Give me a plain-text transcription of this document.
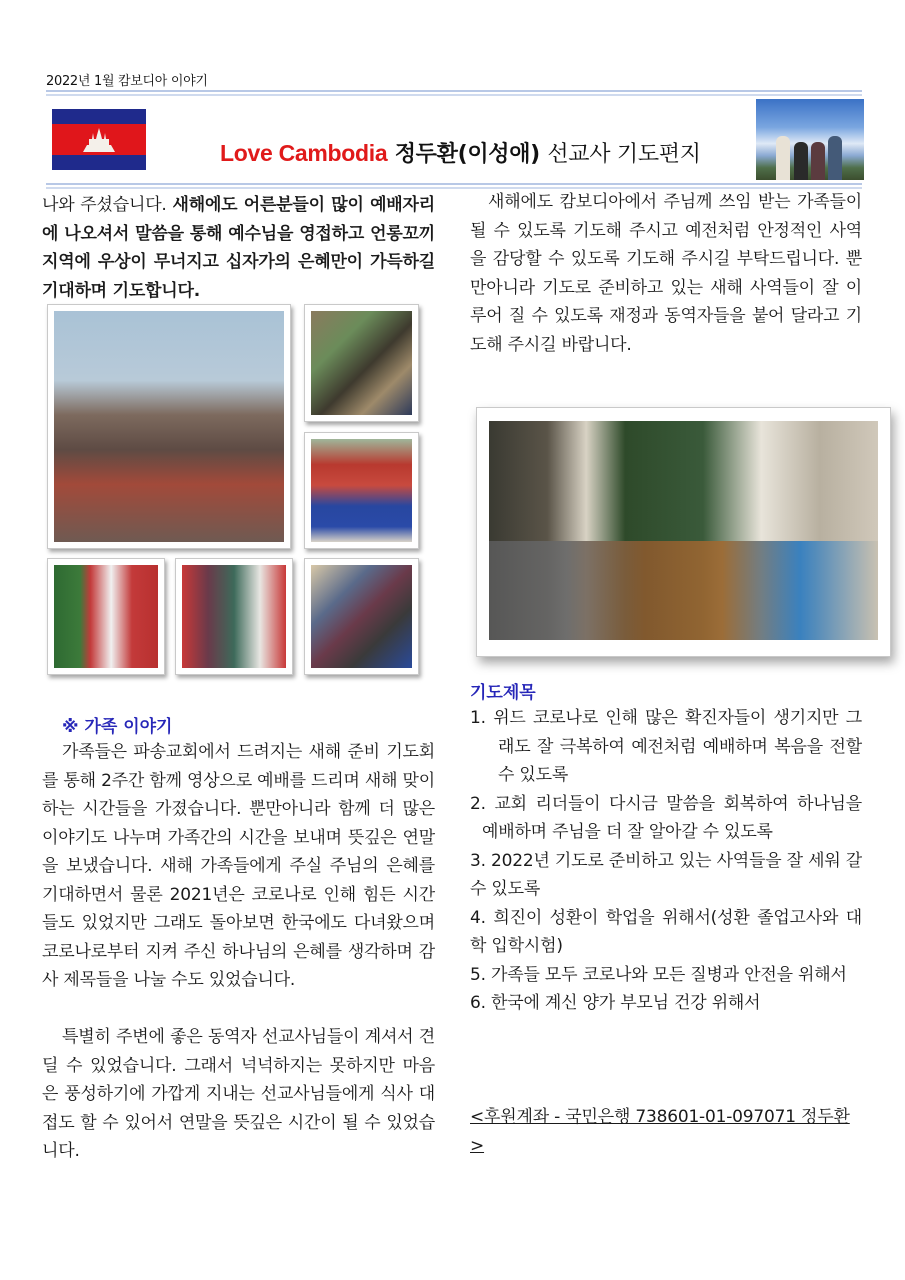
2022년 1월 캄보디아 이야기
Love Cambodia 정두환(이성애) 선교사 기도편지
나와 주셨습니다. 새해에도 어른분들이 많이 예배자리에 나오셔서 말씀을 통해 예수님을 영접하고 언롱꼬끼 지역에 우상이 무너지고 십자가의 은혜만이 가득하길 기대하며 기도합니다.
※ 가족 이야기
가족들은 파송교회에서 드려지는 새해 준비 기도회를 통해 2주간 함께 영상으로 예배를 드리며 새해 맞이하는 시간들을 가졌습니다. 뿐만아니라 함께 더 많은 이야기도 나누며 가족간의 시간을 보내며 뜻깊은 연말을 보냈습니다. 새해 가족들에게 주실 주님의 은혜를 기대하면서 물론 2021년은 코로나로 인해 힘든 시간들도 있었지만 그래도 돌아보면 한국에도 다녀왔으며 코로나로부터 지켜 주신 하나님의 은혜를 생각하며 감사 제목들을 나눌 수도 있었습니다.
특별히 주변에 좋은 동역자 선교사님들이 계셔서 견딜 수 있었습니다. 그래서 넉넉하지는 못하지만 마음은 풍성하기에 가깝게 지내는 선교사님들에게 식사 대접도 할 수 있어서 연말을 뜻깊은 시간이 될 수 있었습니다.
새해에도 캄보디아에서 주님께 쓰임 받는 가족들이 될 수 있도록 기도해 주시고 예전처럼 안정적인 사역을 감당할 수 있도록 기도해 주시길 부탁드립니다. 뿐만아니라 기도로 준비하고 있는 새해 사역들이 잘 이루어 질 수 있도록 재정과 동역자들을 붙어 달라고 기도해 주시길 바랍니다.
기도제목
1. 위드 코로나로 인해 많은 확진자들이 생기지만 그래도 잘 극복하여 예전처럼 예배하며 복음을 전할 수 있도록
2. 교회 리더들이 다시금 말씀을 회복하여 하나님을 예배하며 주님을 더 잘 알아갈 수 있도록
3. 2022년 기도로 준비하고 있는 사역들을 잘 세워 갈 수 있도록
4. 희진이 성환이 학업을 위해서(성환 졸업고사와 대학 입학시험)
5. 가족들 모두 코로나와 모든 질병과 안전을 위해서
6. 한국에 계신 양가 부모님 건강 위해서
<후원계좌 - 국민은행 738601-01-097071 정두환>
